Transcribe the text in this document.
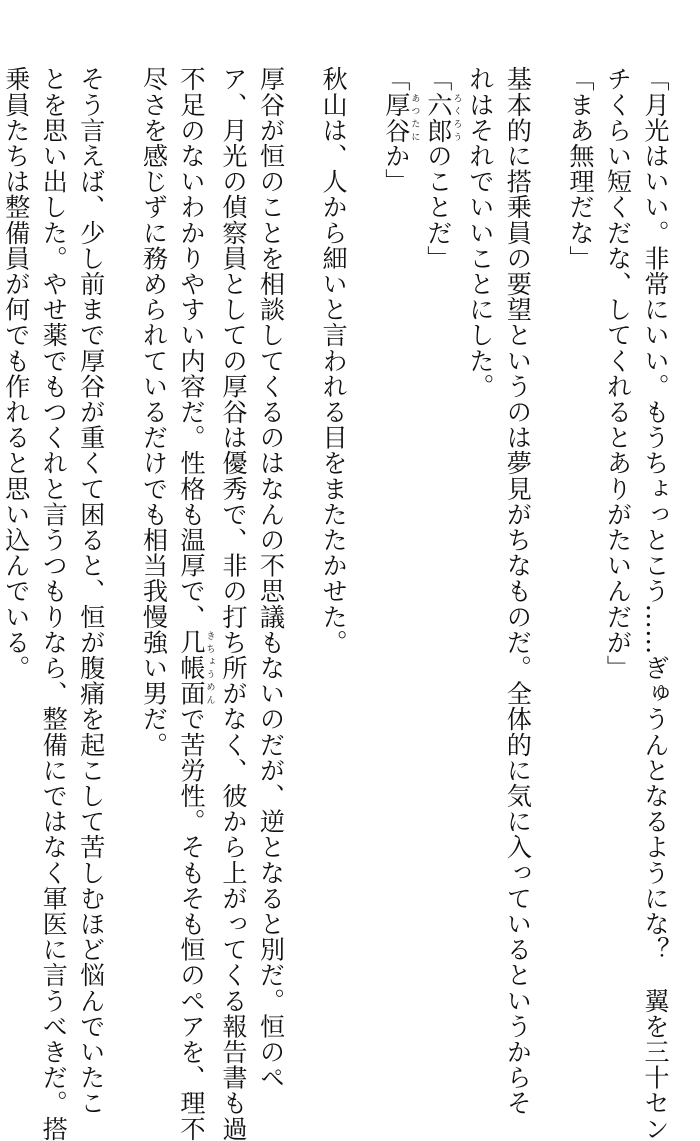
「月光はいい。非常にいい。もうちょっとこう……ぎゅうんとなるようにな？　翼を三十セン
チくらい短くだな、してくれるとありがたいんだが」
「まあ無理だな」
基本的に搭乗員の要望というのは夢見がちなものだ。全体的に気に入っているというからそ
れはそれでいいことにした。
「六郎ろくろうのことだ」
「厚谷あつたにか」
秋山は、人から細いと言われる目をまたたかせた。
厚谷が恒のことを相談してくるのはなんの不思議もないのだが、逆となると別だ。恒のペ
ア、月光の偵察員としての厚谷は優秀で、非の打ち所がなく、彼から上がってくる報告書も過
不足のないわかりやすい内容だ。性格も温厚で、几帳面きちょうめんで苦労性。そもそも恒のペアを、理不
尽さを感じずに務められているだけでも相当我慢強い男だ。
そう言えば、少し前まで厚谷が重くて困ると、恒が腹痛を起こして苦しむほど悩んでいたこ
とを思い出した。やせ薬でもつくれと言うつもりなら、整備にではなく軍医に言うべきだ。搭
乗員たちは整備員が何でも作れると思い込んでいる。
